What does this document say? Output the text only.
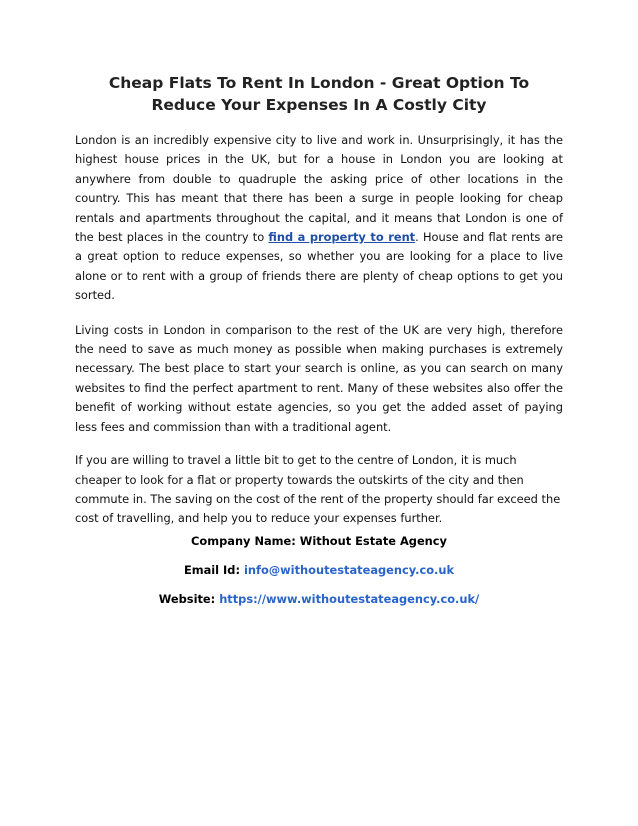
Cheap Flats To Rent In London - Great Option To
Reduce Your Expenses In A Costly City

London is an incredibly expensive city to live and work in. Unsurprisingly, it has the highest house prices in the UK, but for a house in London you are looking at anywhere from double to quadruple the asking price of other locations in the country. This has meant that there has been a surge in people looking for cheap rentals and apartments throughout the capital, and it means that London is one of the best places in the country to find a property to rent. House and flat rents are a great option to reduce expenses, so whether you are looking for a place to live alone or to rent with a group of friends there are plenty of cheap options to get you sorted.

Living costs in London in comparison to the rest of the UK are very high, therefore the need to save as much money as possible when making purchases is extremely necessary. The best place to start your search is online, as you can search on many websites to find the perfect apartment to rent. Many of these websites also offer the benefit of working without estate agencies, so you get the added asset of paying less fees and commission than with a traditional agent.

If you are willing to travel a little bit to get to the centre of London, it is much cheaper to look for a flat or property towards the outskirts of the city and then commute in. The saving on the cost of the rent of the property should far exceed the cost of travelling, and help you to reduce your expenses further.

Company Name: Without Estate Agency

Email Id: info@withoutestateagency.co.uk

Website: https://www.withoutestateagency.co.uk/
